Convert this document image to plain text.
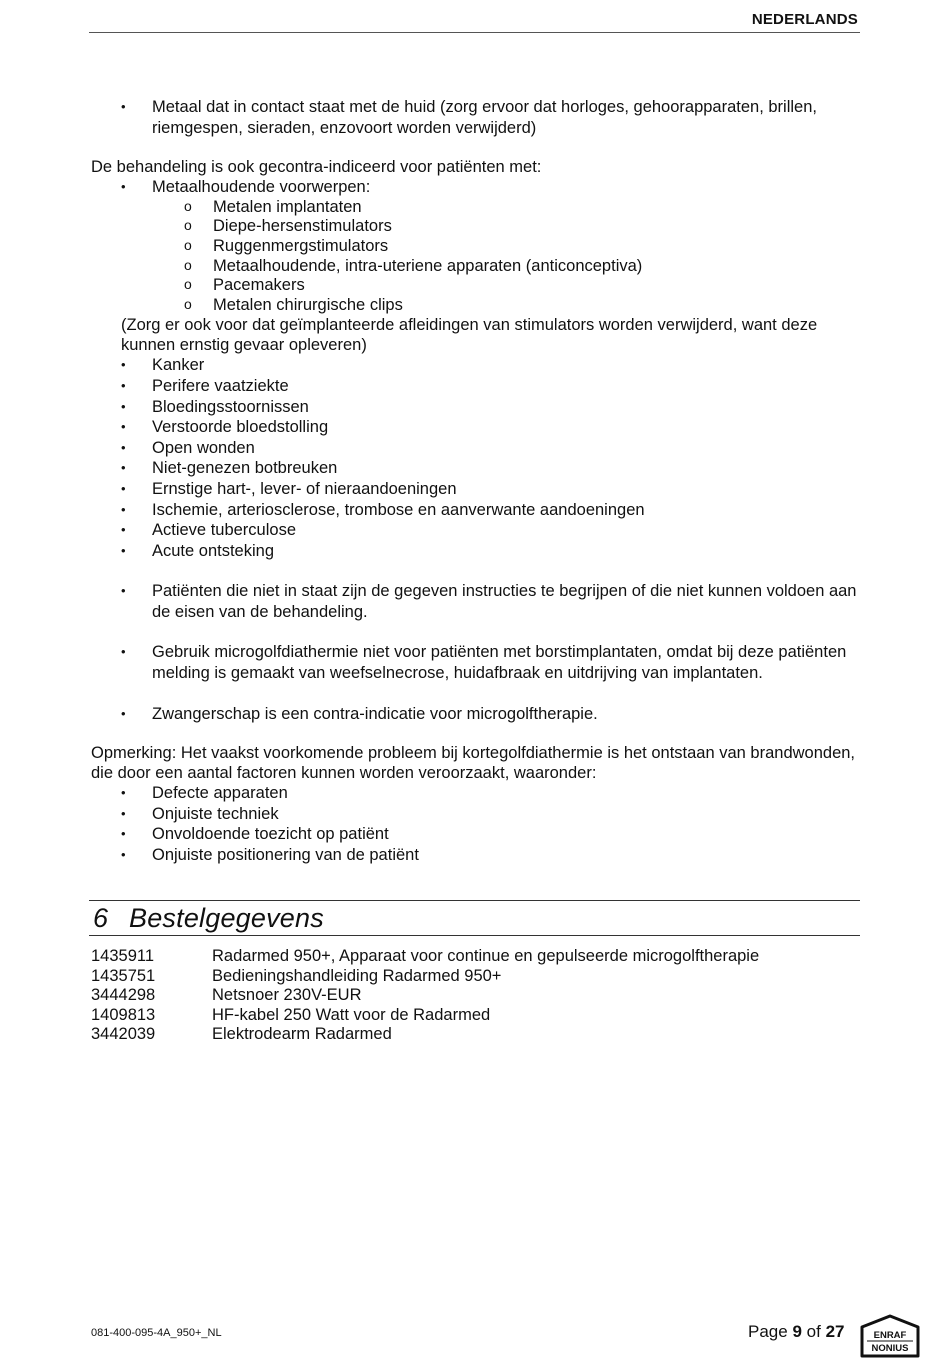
NEDERLANDS
• Metaal dat in contact staat met de huid (zorg ervoor dat horloges, gehoorapparaten, brillen, riemgespen, sieraden, enzovoort worden verwijderd)

De behandeling is ook gecontra-indiceerd voor patiënten met:

• Metaalhoudende voorwerpen:
o Metalen implantaten
o Diepe-hersenstimulators
o Ruggenmergstimulators
o Metaalhoudende, intra-uteriene apparaten (anticonceptiva)
o Pacemakers
o Metalen chirurgische clips

(Zorg er ook voor dat geïmplanteerde afleidingen van stimulators worden verwijderd, want deze kunnen ernstig gevaar opleveren)

• Kanker
• Perifere vaatziekte
• Bloedingsstoornissen
• Verstoorde bloedstolling
• Open wonden
• Niet-genezen botbreuken
• Ernstige hart-, lever- of nieraandoeningen
• Ischemie, arteriosclerose, trombose en aanverwante aandoeningen
• Actieve tuberculose
• Acute ontsteking
• Patiënten die niet in staat zijn de gegeven instructies te begrijpen of die niet kunnen voldoen aan de eisen van de behandeling.
• Gebruik microgolfdiathermie niet voor patiënten met borstimplantaten, omdat bij deze patiënten melding is gemaakt van weefselnecrose, huidafbraak en uitdrijving van implantaten.
• Zwangerschap is een contra-indicatie voor microgolftherapie.

Opmerking: Het vaakst voorkomende probleem bij kortegolfdiathermie is het ontstaan van brandwonden, die door een aantal factoren kunnen worden veroorzaakt, waaronder:

• Defecte apparaten
• Onjuiste techniek
• Onvoldoende toezicht op patiënt
• Onjuiste positionering van de patiënt
6 Bestelgegevens
1435911	Radarmed 950+, Apparaat voor continue en gepulseerde microgolftherapie
1435751	Bedieningshandleiding Radarmed 950+
3444298	Netsnoer 230V-EUR
1409813	HF-kabel 250 Watt voor de Radarmed
3442039	Elektrodearm Radarmed
081-400-095-4A_950+_NL	Page 9 of 27	ENRAF
NONIUS
